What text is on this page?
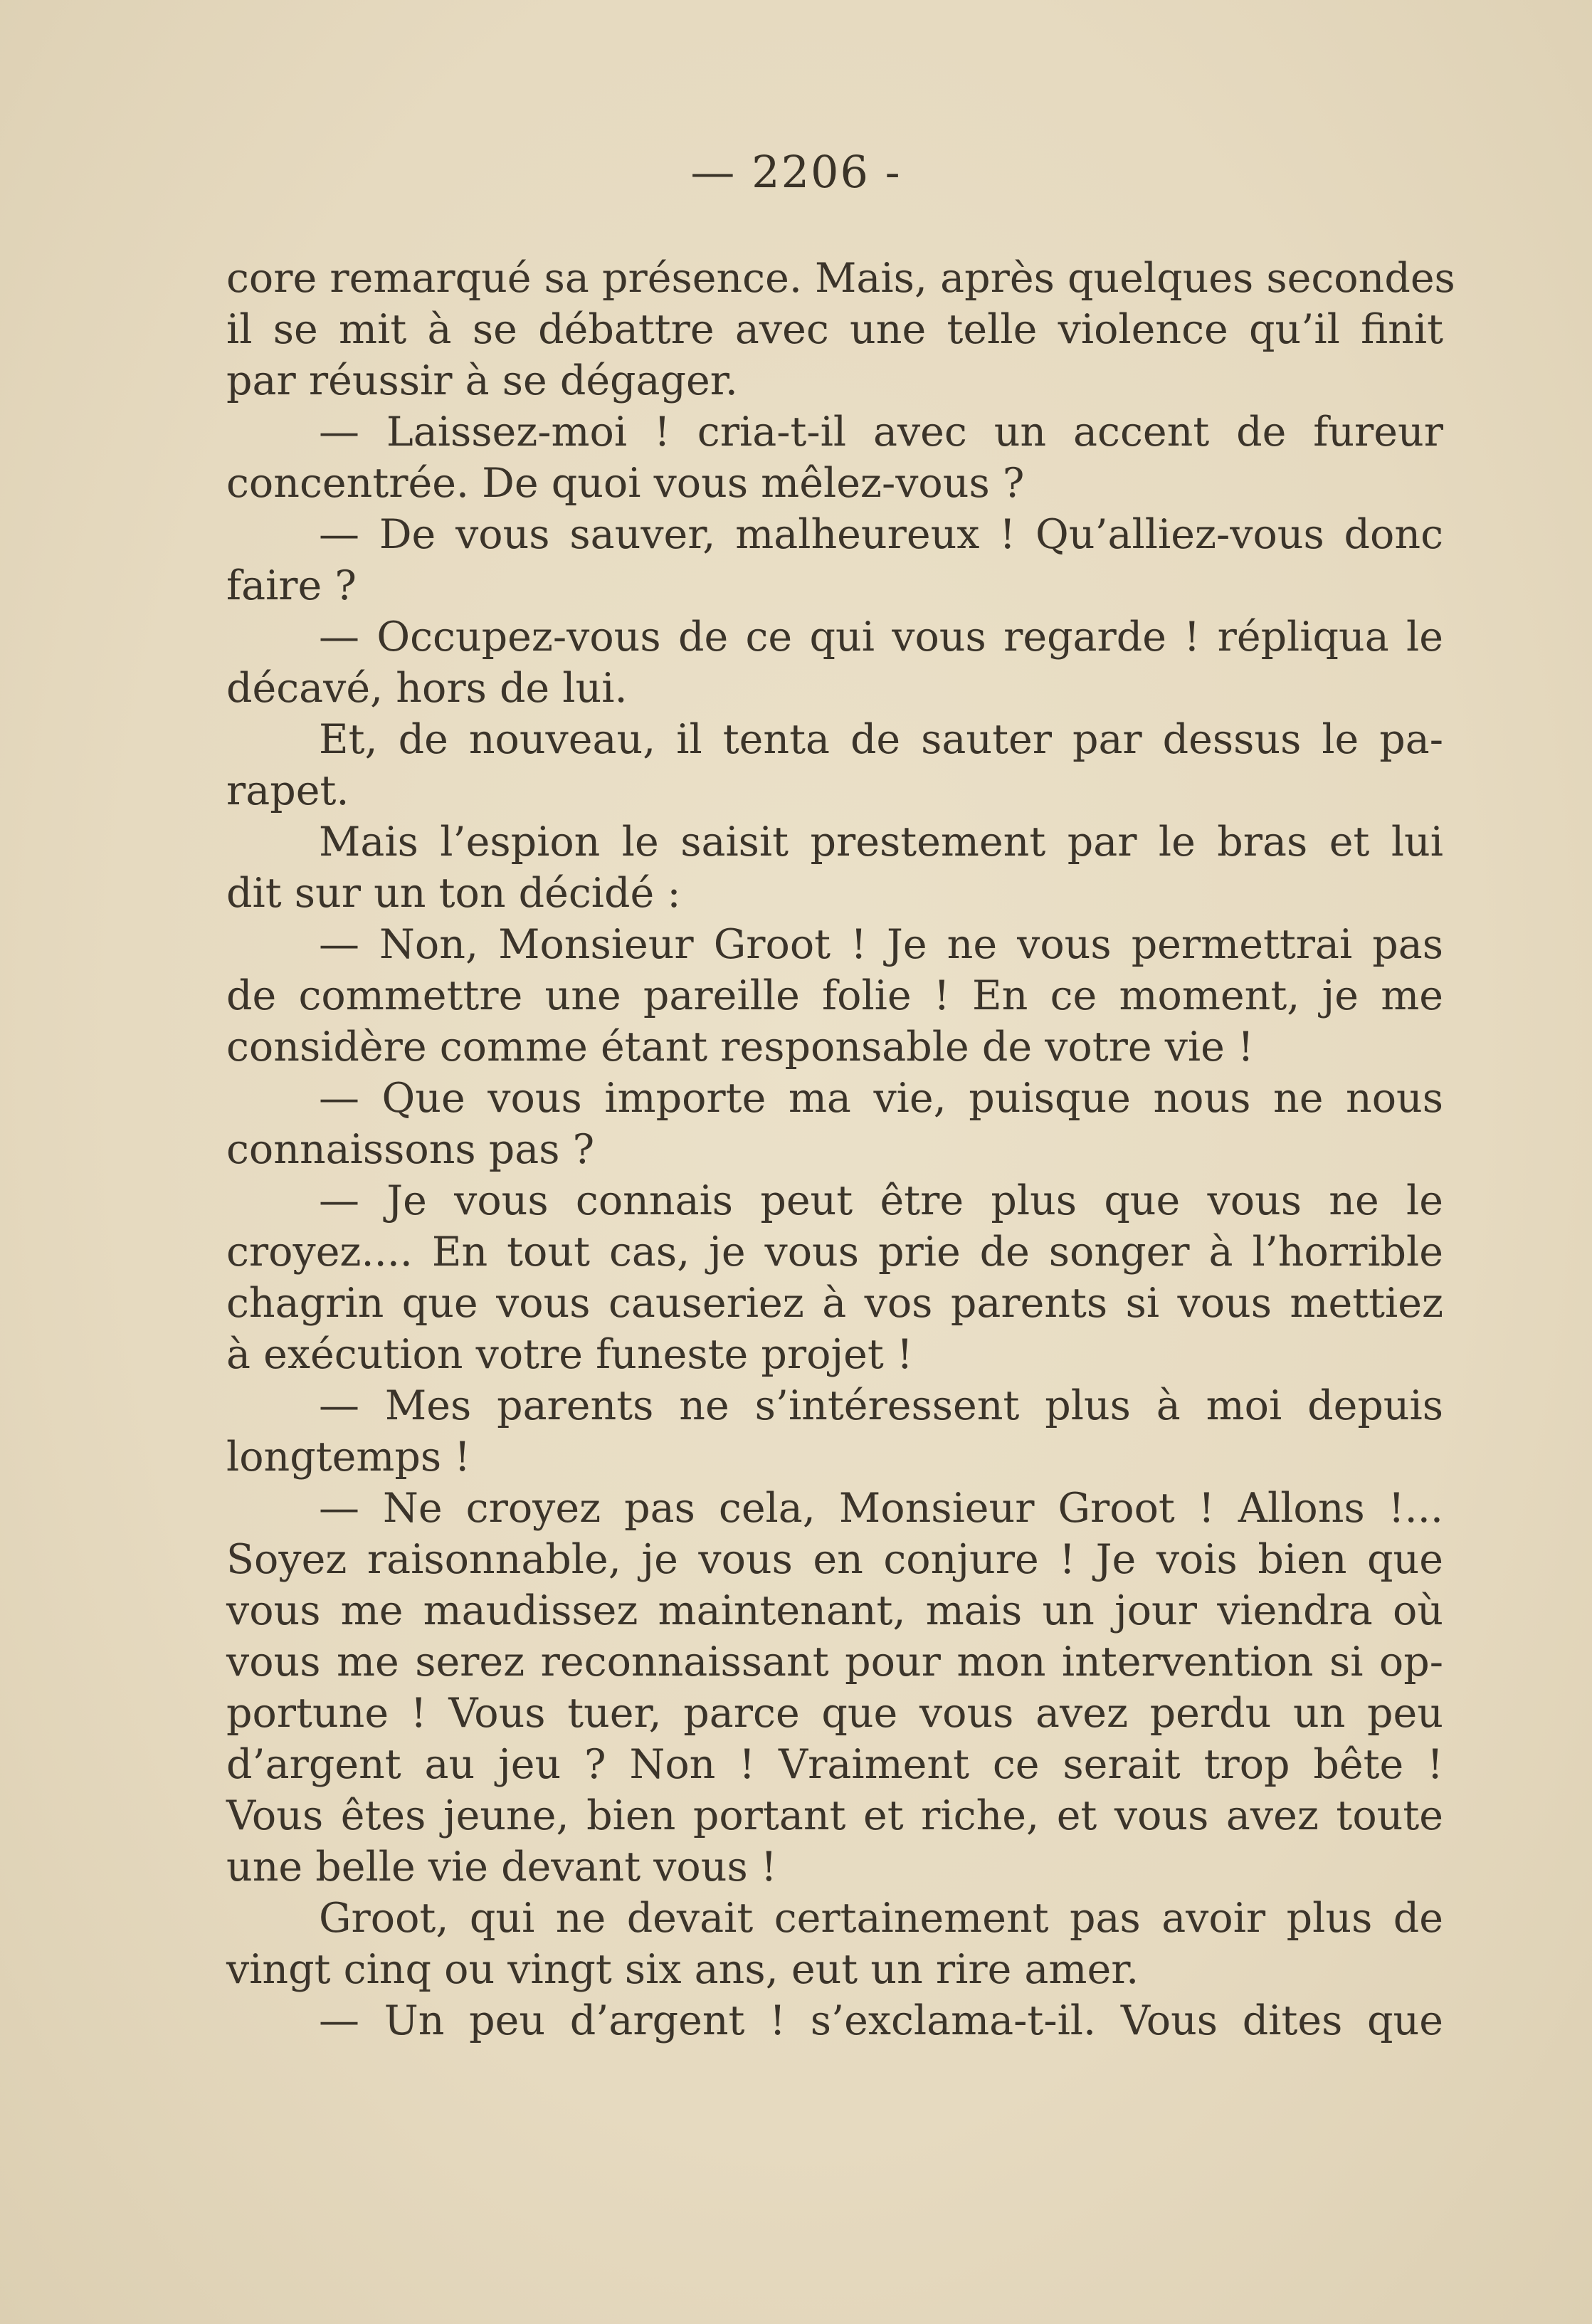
— 2206 -
core remarqué sa présence. Mais, après quelques secondes
il se mit à se débattre avec une telle violence qu’il finit
par réussir à se dégager.
— Laissez-moi ! cria-t-il avec un accent de fureur
concentrée. De quoi vous mêlez-vous ?
— De vous sauver, malheureux ! Qu’alliez-vous donc
faire ?
— Occupez-vous de ce qui vous regarde ! répliqua le
décavé, hors de lui.
Et, de nouveau, il tenta de sauter par dessus le pa-
rapet.
Mais l’espion le saisit prestement par le bras et lui
dit sur un ton décidé :
— Non, Monsieur Groot ! Je ne vous permettrai pas
de commettre une pareille folie ! En ce moment, je me
considère comme étant responsable de votre vie !
— Que vous importe ma vie, puisque nous ne nous
connaissons pas ?
— Je vous connais peut être plus que vous ne le
croyez.... En tout cas, je vous prie de songer à l’horrible
chagrin que vous causeriez à vos parents si vous mettiez
à exécution votre funeste projet !
— Mes parents ne s’intéressent plus à moi depuis
longtemps !
— Ne croyez pas cela, Monsieur Groot ! Allons !...
Soyez raisonnable, je vous en conjure ! Je vois bien que
vous me maudissez maintenant, mais un jour viendra où
vous me serez reconnaissant pour mon intervention si op-
portune ! Vous tuer, parce que vous avez perdu un peu
d’argent au jeu ? Non ! Vraiment ce serait trop bête !
Vous êtes jeune, bien portant et riche, et vous avez toute
une belle vie devant vous !
Groot, qui ne devait certainement pas avoir plus de
vingt cinq ou vingt six ans, eut un rire amer.
— Un peu d’argent ! s’exclama-t-il. Vous dites que
